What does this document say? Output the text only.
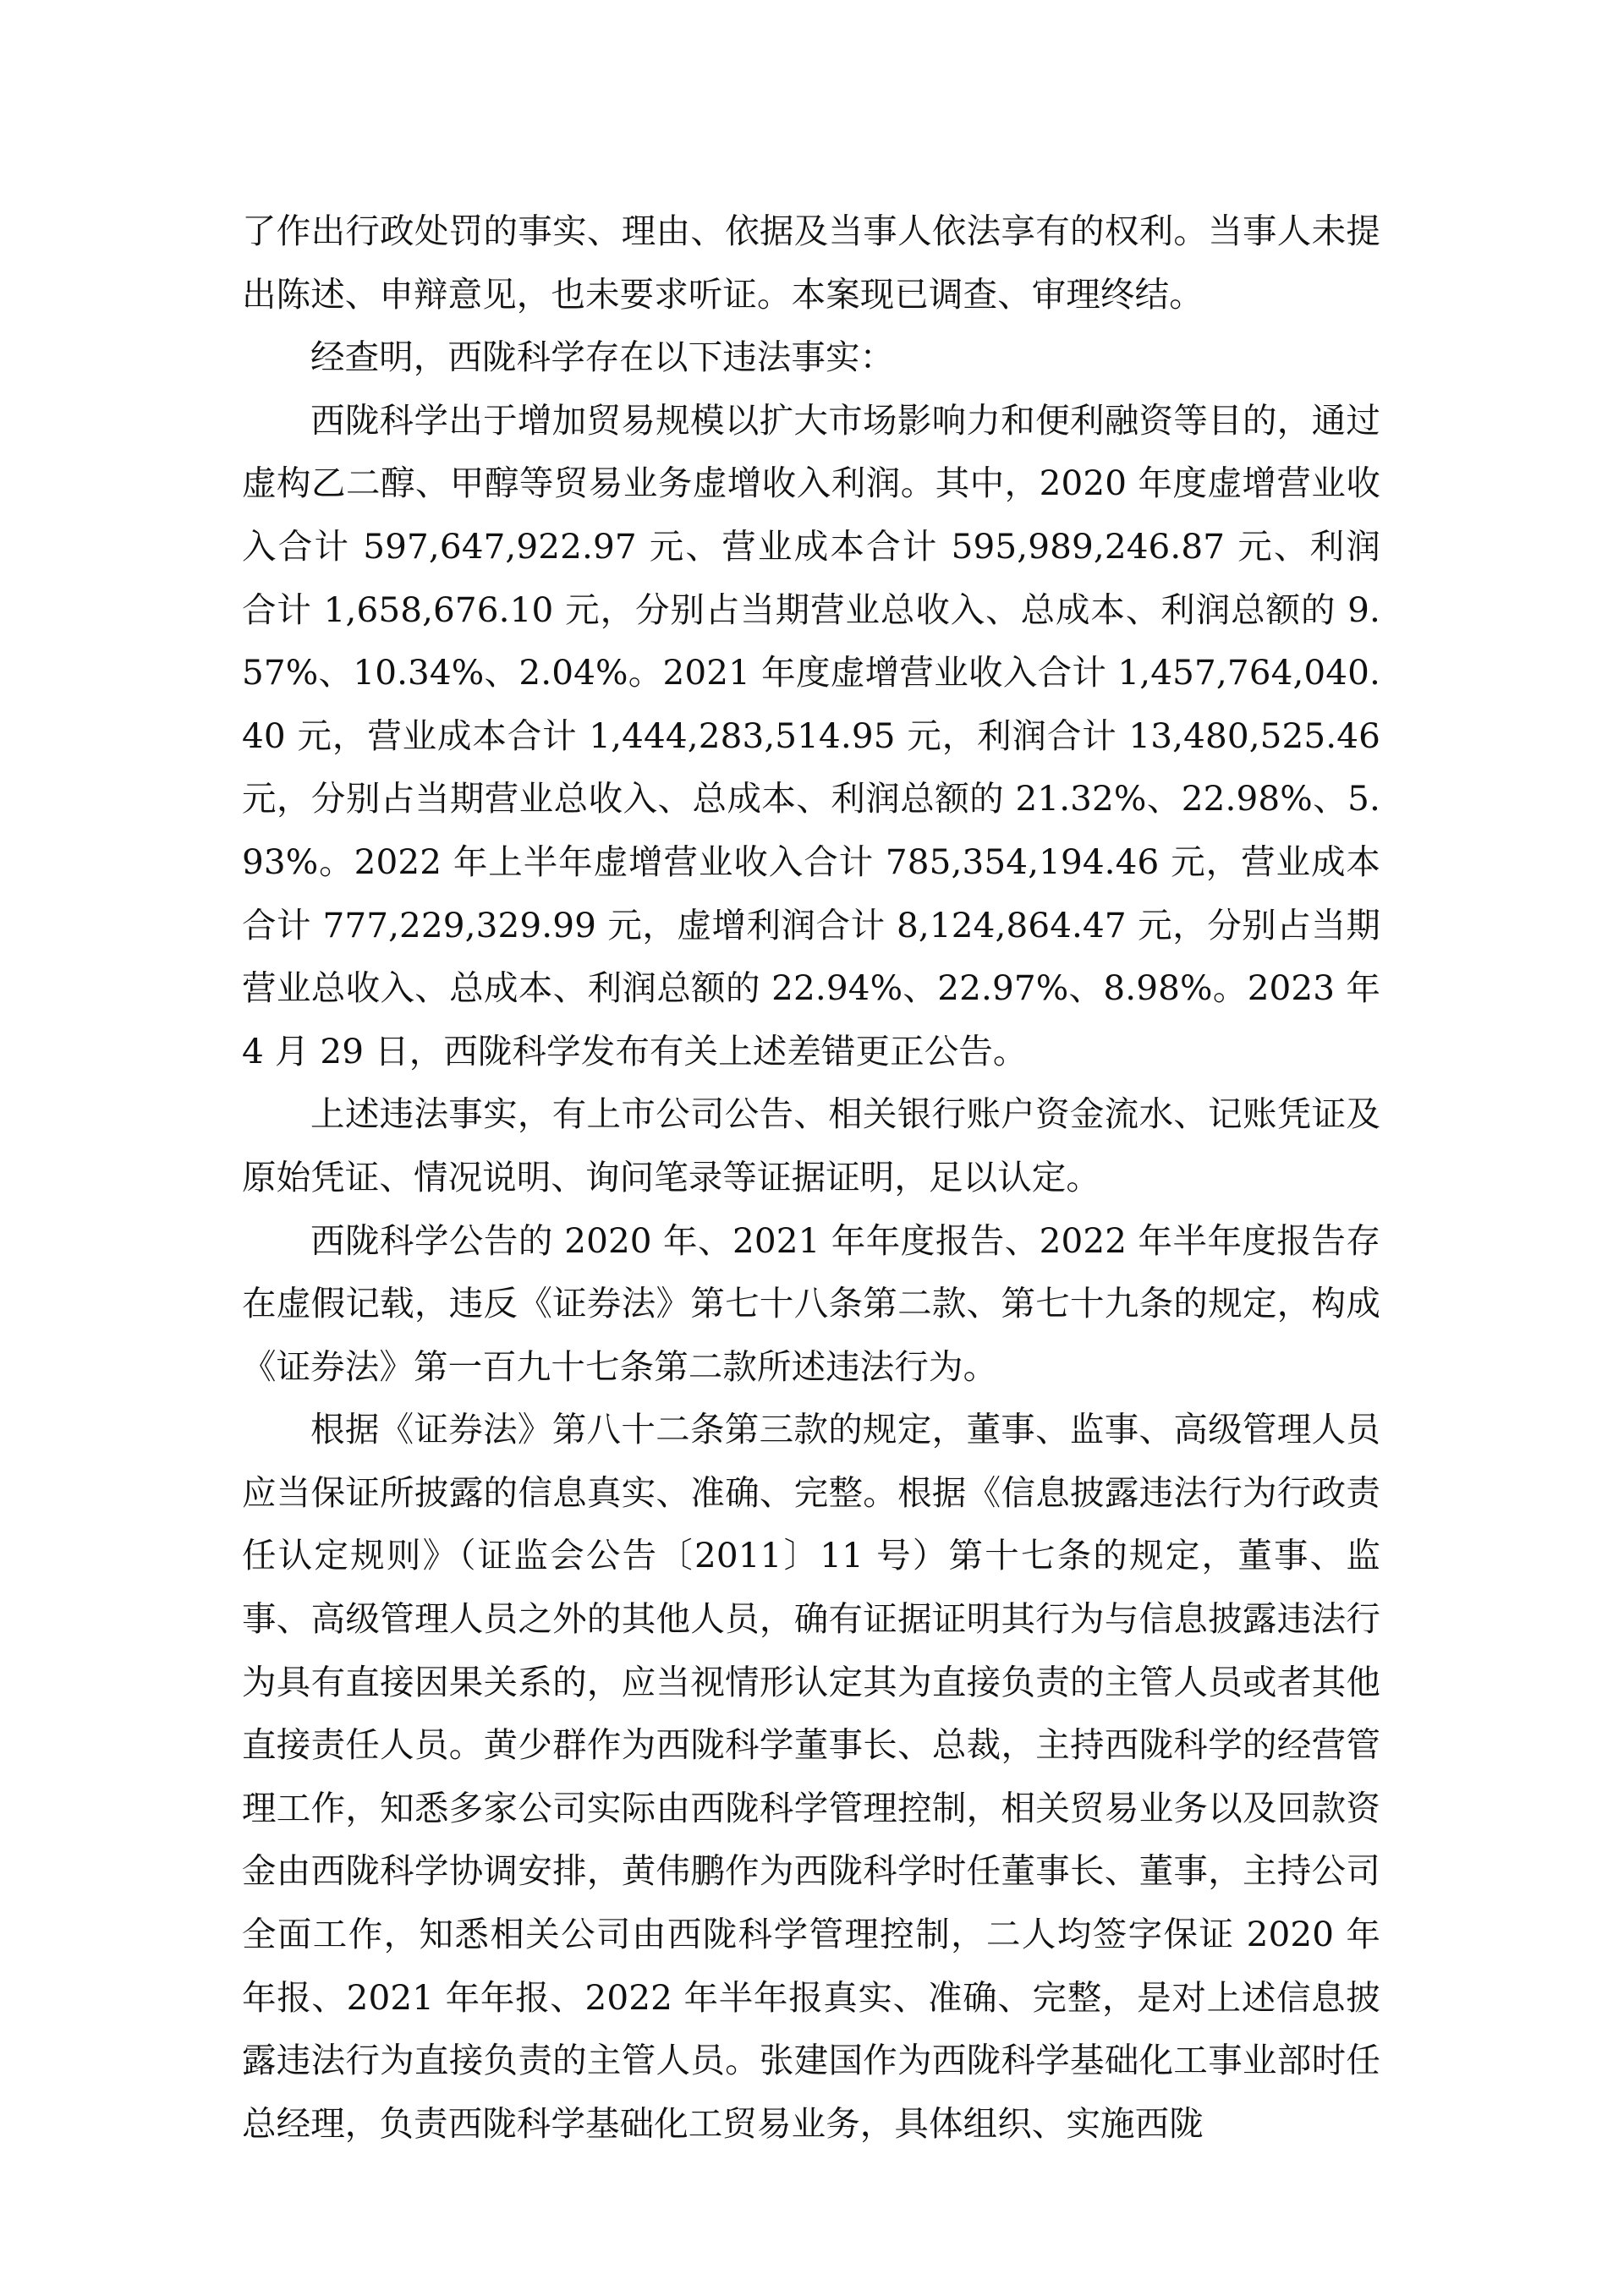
了作出行政处罚的事实、理由、依据及当事人依法享有的权利。当事人未提出陈述、申辩意见，也未要求听证。本案现已调查、审理终结。

经查明，西陇科学存在以下违法事实：

西陇科学出于增加贸易规模以扩大市场影响力和便利融资等目的，通过虚构乙二醇、甲醇等贸易业务虚增收入利润。其中，2020 年度虚增营业收入合计 597,647,922.97 元、营业成本合计 595,989,246.87 元、利润合计 1,658,676.10 元，分别占当期营业总收入、总成本、利润总额的 9.57%、10.34%、2.04%。2021 年度虚增营业收入合计 1,457,764,040.40 元，营业成本合计 1,444,283,514.95 元，利润合计 13,480,525.46 元，分别占当期营业总收入、总成本、利润总额的 21.32%、22.98%、5.93%。2022 年上半年虚增营业收入合计 785,354,194.46 元，营业成本合计 777,229,329.99 元，虚增利润合计 8,124,864.47 元，分别占当期营业总收入、总成本、利润总额的 22.94%、22.97%、8.98%。2023 年 4 月 29 日，西陇科学发布有关上述差错更正公告。

上述违法事实，有上市公司公告、相关银行账户资金流水、记账凭证及原始凭证、情况说明、询问笔录等证据证明，足以认定。

西陇科学公告的 2020 年、2021 年年度报告、2022 年半年度报告存在虚假记载，违反《证券法》第七十八条第二款、第七十九条的规定，构成《证券法》第一百九十七条第二款所述违法行为。

根据《证券法》第八十二条第三款的规定，董事、监事、高级管理人员应当保证所披露的信息真实、准确、完整。根据《信息披露违法行为行政责任认定规则》（证监会公告〔2011〕11 号）第十七条的规定，董事、监事、高级管理人员之外的其他人员，确有证据证明其行为与信息披露违法行为具有直接因果关系的，应当视情形认定其为直接负责的主管人员或者其他直接责任人员。黄少群作为西陇科学董事长、总裁，主持西陇科学的经营管理工作，知悉多家公司实际由西陇科学管理控制，相关贸易业务以及回款资金由西陇科学协调安排，黄伟鹏作为西陇科学时任董事长、董事，主持公司全面工作，知悉相关公司由西陇科学管理控制，二人均签字保证 2020 年年报、2021 年年报、2022 年半年报真实、准确、完整，是对上述信息披露违法行为直接负责的主管人员。张建国作为西陇科学基础化工事业部时任总经理，负责西陇科学基础化工贸易业务，具体组织、实施西陇
